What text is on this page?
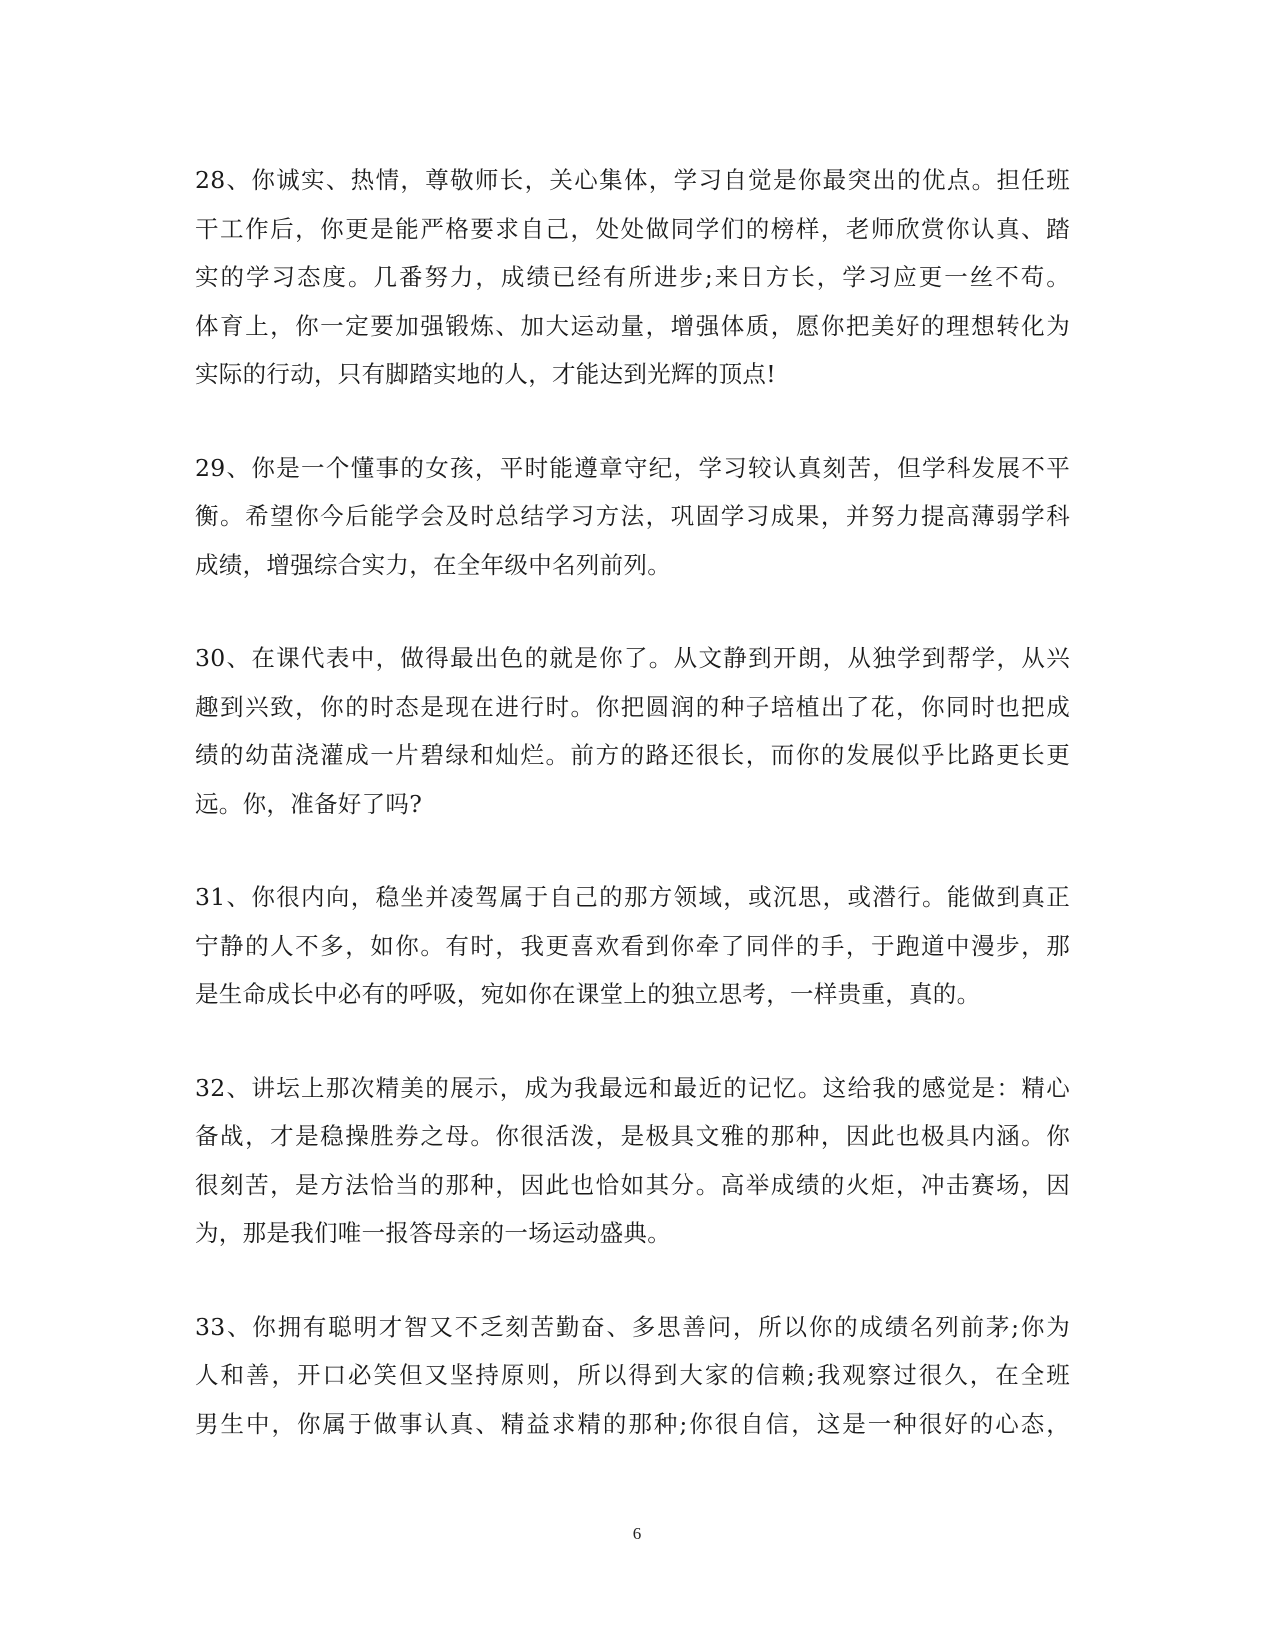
28、你诚实、热情，尊敬师长，关心集体，学习自觉是你最突出的优点。担任班
干工作后，你更是能严格要求自己，处处做同学们的榜样，老师欣赏你认真、踏
实的学习态度。几番努力，成绩已经有所进步;来日方长，学习应更一丝不苟。
体育上，你一定要加强锻炼、加大运动量，增强体质，愿你把美好的理想转化为
实际的行动，只有脚踏实地的人，才能达到光辉的顶点!

29、你是一个懂事的女孩，平时能遵章守纪，学习较认真刻苦，但学科发展不平
衡。希望你今后能学会及时总结学习方法，巩固学习成果，并努力提高薄弱学科
成绩，增强综合实力，在全年级中名列前列。

30、在课代表中，做得最出色的就是你了。从文静到开朗，从独学到帮学，从兴
趣到兴致，你的时态是现在进行时。你把圆润的种子培植出了花，你同时也把成
绩的幼苗浇灌成一片碧绿和灿烂。前方的路还很长，而你的发展似乎比路更长更
远。你，准备好了吗?

31、你很内向，稳坐并凌驾属于自己的那方领域，或沉思，或潜行。能做到真正
宁静的人不多，如你。有时，我更喜欢看到你牵了同伴的手，于跑道中漫步，那
是生命成长中必有的呼吸，宛如你在课堂上的独立思考，一样贵重，真的。

32、讲坛上那次精美的展示，成为我最远和最近的记忆。这给我的感觉是：精心
备战，才是稳操胜券之母。你很活泼，是极具文雅的那种，因此也极具内涵。你
很刻苦，是方法恰当的那种，因此也恰如其分。高举成绩的火炬，冲击赛场，因
为，那是我们唯一报答母亲的一场运动盛典。

33、你拥有聪明才智又不乏刻苦勤奋、多思善问，所以你的成绩名列前茅;你为
人和善，开口必笑但又坚持原则，所以得到大家的信赖;我观察过很久，在全班
男生中，你属于做事认真、精益求精的那种;你很自信，这是一种很好的心态，

6
